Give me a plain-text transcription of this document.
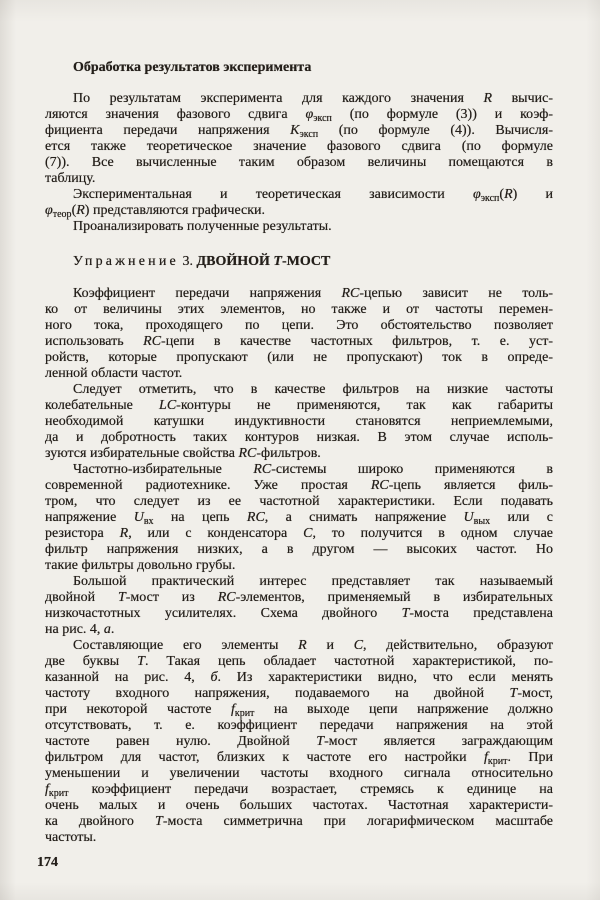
Обработка результатов эксперимента
По результатам эксперимента для каждого значения R вычис-
ляются значения фазового сдвига $\varphi_{эксп}$ (по формуле (3)) и коэф-
фициента передачи напряжения $K_{эксп}$ (по формуле (4)). Вычисля-
ется также теоретическое значение фазового сдвига (по формуле
(7)). Все вычисленные таким образом величины помещаются в
таблицу.
Экспериментальная и теоретическая зависимости $\varphi_{эксп}(R)$ и
$\varphi_{теор}(R)$ представляются графически.
Проанализировать полученные результаты.
Упражнение 3. ДВОЙНОЙ Т-МОСТ
Коэффициент передачи напряжения RC-цепью зависит не толь-
ко от величины этих элементов, но также и от частоты перемен-
ного тока, проходящего по цепи. Это обстоятельство позволяет
использовать RC-цепи в качестве частотных фильтров, т. е. уст-
ройств, которые пропускают (или не пропускают) ток в опреде-
ленной области частот.
Следует отметить, что в качестве фильтров на низкие частоты
колебательные LC-контуры не применяются, так как габариты
необходимой катушки индуктивности становятся неприемлемыми,
да и добротность таких контуров низкая. В этом случае исполь-
зуются избирательные свойства RC-фильтров.
Частотно-избирательные RC-системы широко применяются в
современной радиотехнике. Уже простая RC-цепь является филь-
тром, что следует из ее частотной характеристики. Если подавать
напряжение $U_{вх}$ на цепь RC, а снимать напряжение $U_{вых}$ или с
резистора R, или с конденсатора C, то получится в одном случае
фильтр напряжения низких, а в другом — высоких частот. Но
такие фильтры довольно грубы.
Большой практический интерес представляет так называемый
двойной Т-мост из RC-элементов, применяемый в избирательных
низкочастотных усилителях. Схема двойного Т-моста представлена
на рис. 4, а.
Составляющие его элементы R и C, действительно, образуют
две буквы Т. Такая цепь обладает частотной характеристикой, по-
казанной на рис. 4, б. Из характеристики видно, что если менять
частоту входного напряжения, подаваемого на двойной Т-мост,
при некоторой частоте $f_{крит}$ на выходе цепи напряжение должно
отсутствовать, т. е. коэффициент передачи напряжения на этой
частоте равен нулю. Двойной Т-мост является заграждающим
фильтром для частот, близких к частоте его настройки $f_{крит}$. При
уменьшении и увеличении частоты входного сигнала относительно
$f_{крит}$ коэффициент передачи возрастает, стремясь к единице на
очень малых и очень больших частотах. Частотная характеристи-
ка двойного Т-моста симметрична при логарифмическом масштабе
частоты.
174
